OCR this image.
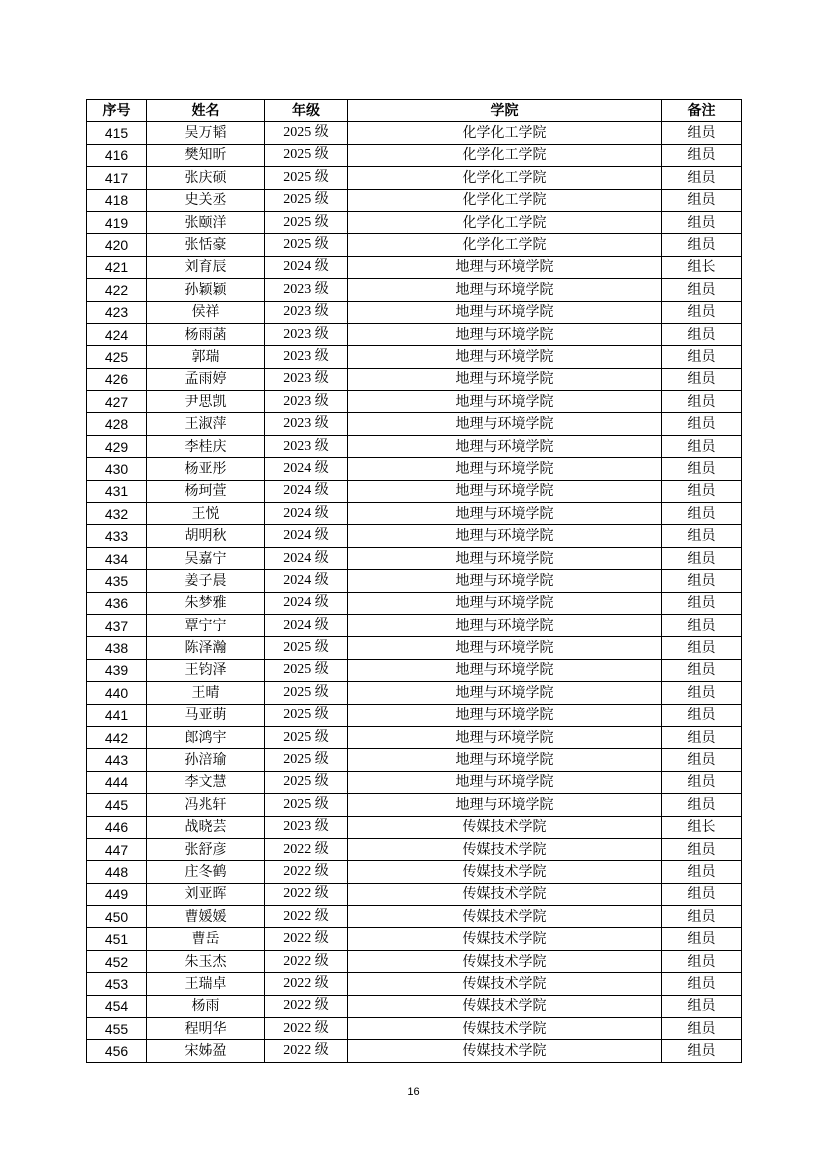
序号	姓名	年级	学院	备注
415	吴万韬	2025 级	化学化工学院	组员
416	樊知昕	2025 级	化学化工学院	组员
417	张庆硕	2025 级	化学化工学院	组员
418	史关丞	2025 级	化学化工学院	组员
419	张颐洋	2025 级	化学化工学院	组员
420	张恬豪	2025 级	化学化工学院	组员
421	刘育辰	2024 级	地理与环境学院	组长
422	孙颖颖	2023 级	地理与环境学院	组员
423	侯祥	2023 级	地理与环境学院	组员
424	杨雨菡	2023 级	地理与环境学院	组员
425	郭瑞	2023 级	地理与环境学院	组员
426	孟雨婷	2023 级	地理与环境学院	组员
427	尹思凯	2023 级	地理与环境学院	组员
428	王淑萍	2023 级	地理与环境学院	组员
429	李桂庆	2023 级	地理与环境学院	组员
430	杨亚彤	2024 级	地理与环境学院	组员
431	杨珂萱	2024 级	地理与环境学院	组员
432	王悦	2024 级	地理与环境学院	组员
433	胡明秋	2024 级	地理与环境学院	组员
434	吴嘉宁	2024 级	地理与环境学院	组员
435	姜子晨	2024 级	地理与环境学院	组员
436	朱梦雅	2024 级	地理与环境学院	组员
437	覃宁宁	2024 级	地理与环境学院	组员
438	陈泽瀚	2025 级	地理与环境学院	组员
439	王钧泽	2025 级	地理与环境学院	组员
440	王晴	2025 级	地理与环境学院	组员
441	马亚萌	2025 级	地理与环境学院	组员
442	郎鸿宇	2025 级	地理与环境学院	组员
443	孙涪瑜	2025 级	地理与环境学院	组员
444	李文慧	2025 级	地理与环境学院	组员
445	冯兆轩	2025 级	地理与环境学院	组员
446	战晓芸	2023 级	传媒技术学院	组长
447	张舒彦	2022 级	传媒技术学院	组员
448	庄冬鹤	2022 级	传媒技术学院	组员
449	刘亚晖	2022 级	传媒技术学院	组员
450	曹媛媛	2022 级	传媒技术学院	组员
451	曹岳	2022 级	传媒技术学院	组员
452	朱玉杰	2022 级	传媒技术学院	组员
453	王瑞卓	2022 级	传媒技术学院	组员
454	杨雨	2022 级	传媒技术学院	组员
455	程明华	2022 级	传媒技术学院	组员
456	宋姊盈	2022 级	传媒技术学院	组员
16
